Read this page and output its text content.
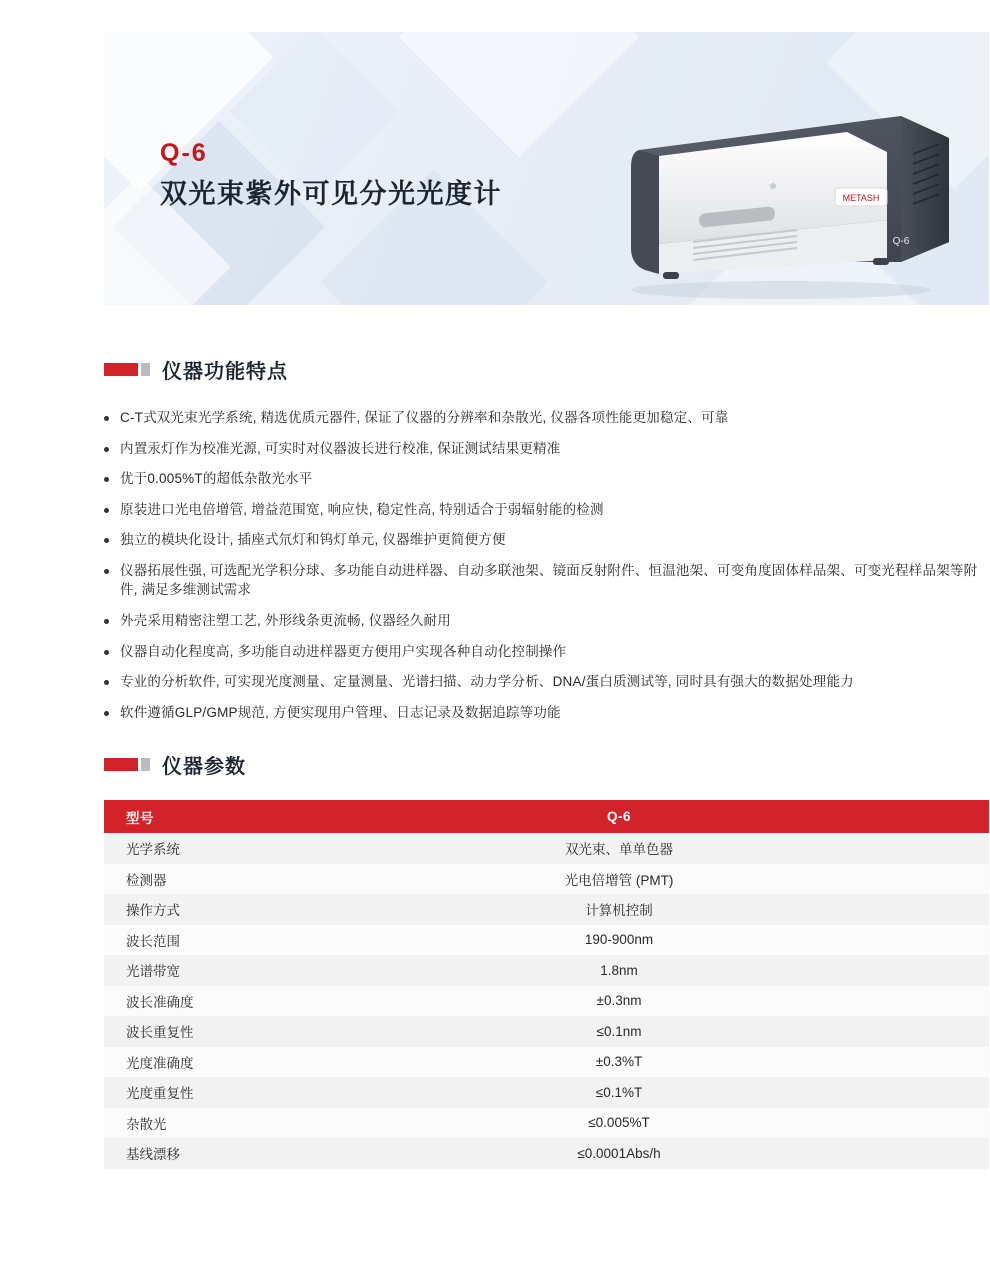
Q-6
双光束紫外可见分光光度计	METASH
Q-6
仪器功能特点
C-T式双光束光学系统, 精选优质元器件, 保证了仪器的分辨率和杂散光, 仪器各项性能更加稳定、可靠
内置汞灯作为校准光源, 可实时对仪器波长进行校准, 保证测试结果更精准
优于0.005%T的超低杂散光水平
原装进口光电倍增管, 增益范围宽, 响应快, 稳定性高, 特别适合于弱辐射能的检测
独立的模块化设计, 插座式氘灯和钨灯单元, 仪器维护更简便方便
仪器拓展性强, 可选配光学积分球、多功能自动进样器、自动多联池架、镜面反射附件、恒温池架、可变角度固体样品架、可变光程样品架等附件, 满足多维测试需求
外壳采用精密注塑工艺, 外形线条更流畅, 仪器经久耐用
仪器自动化程度高, 多功能自动进样器更方便用户实现各种自动化控制操作
专业的分析软件, 可实现光度测量、定量测量、光谱扫描、动力学分析、DNA/蛋白质测试等, 同时具有强大的数据处理能力
软件遵循GLP/GMP规范, 方便实现用户管理、日志记录及数据追踪等功能
仪器参数
型号	Q-6
光学系统	双光束、单单色器
检测器	光电倍增管 (PMT)
操作方式	计算机控制
波长范围	190-900nm
光谱带宽	1.8nm
波长准确度	±0.3nm
波长重复性	≤0.1nm
光度准确度	±0.3%T
光度重复性	≤0.1%T
杂散光	≤0.005%T
基线漂移	≤0.0001Abs/h
